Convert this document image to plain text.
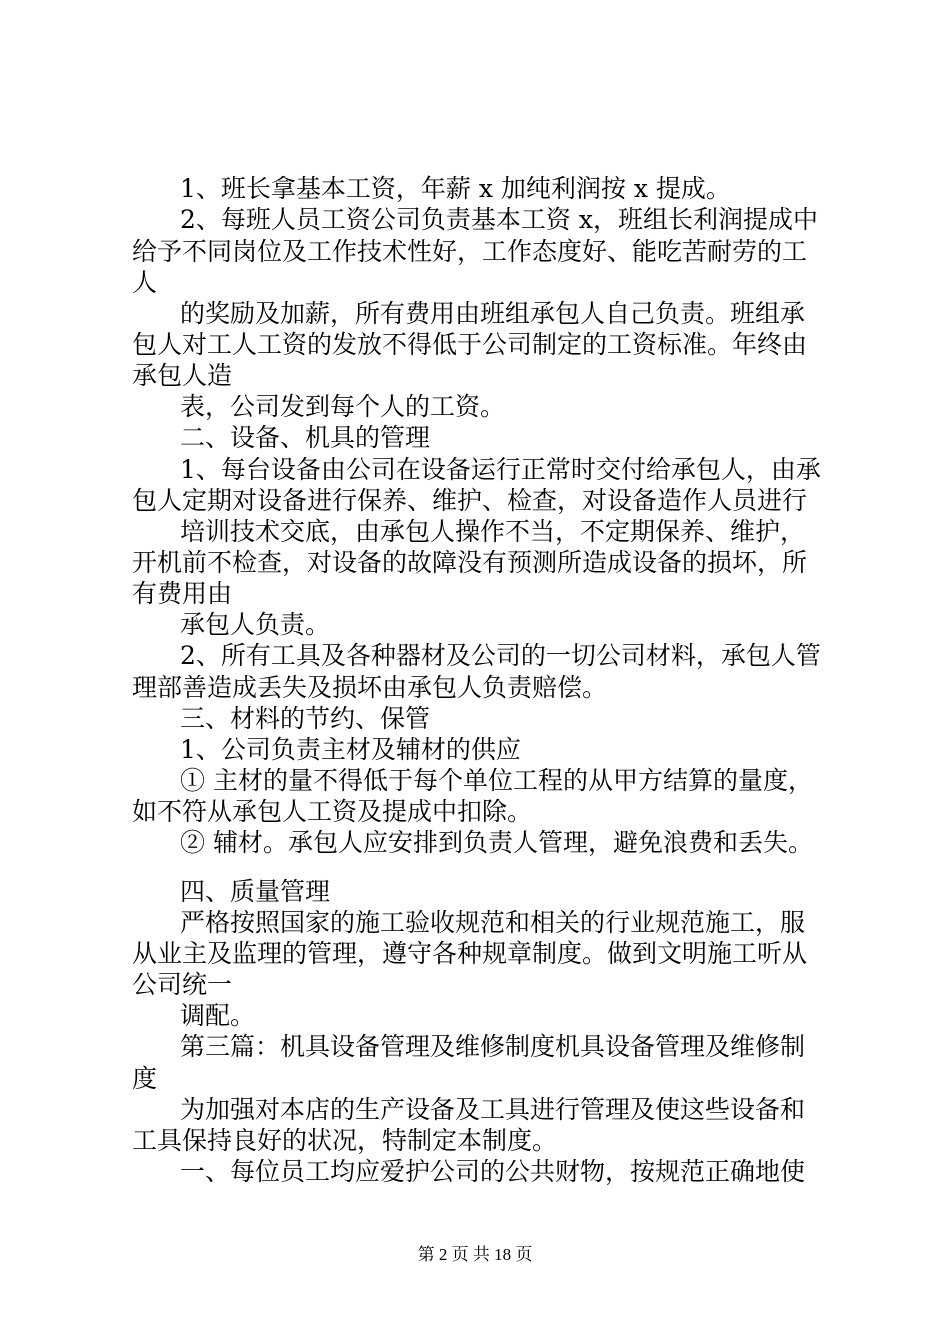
1、班长拿基本工资，年薪 x 加纯利润按 x 提成。
2、每班人员工资公司负责基本工资 x，班组长利润提成中
给予不同岗位及工作技术性好，工作态度好、能吃苦耐劳的工
人
的奖励及加薪，所有费用由班组承包人自己负责。班组承
包人对工人工资的发放不得低于公司制定的工资标准。年终由
承包人造
表，公司发到每个人的工资。
二、设备、机具的管理
1、每台设备由公司在设备运行正常时交付给承包人，由承
包人定期对设备进行保养、维护、检查，对设备造作人员进行
培训技术交底，由承包人操作不当，不定期保养、维护，
开机前不检查，对设备的故障没有预测所造成设备的损坏，所
有费用由
承包人负责。
2、所有工具及各种器材及公司的一切公司材料，承包人管
理部善造成丢失及损坏由承包人负责赔偿。
三、材料的节约、保管
1、公司负责主材及辅材的供应
① 主材的量不得低于每个单位工程的从甲方结算的量度，
如不符从承包人工资及提成中扣除。
② 辅材。承包人应安排到负责人管理，避免浪费和丢失。
四、质量管理
严格按照国家的施工验收规范和相关的行业规范施工，服
从业主及监理的管理，遵守各种规章制度。做到文明施工听从
公司统一
调配。
第三篇：机具设备管理及维修制度机具设备管理及维修制
度
为加强对本店的生产设备及工具进行管理及使这些设备和
工具保持良好的状况，特制定本制度。
一、每位员工均应爱护公司的公共财物，按规范正确地使
第 2 页 共 18 页
